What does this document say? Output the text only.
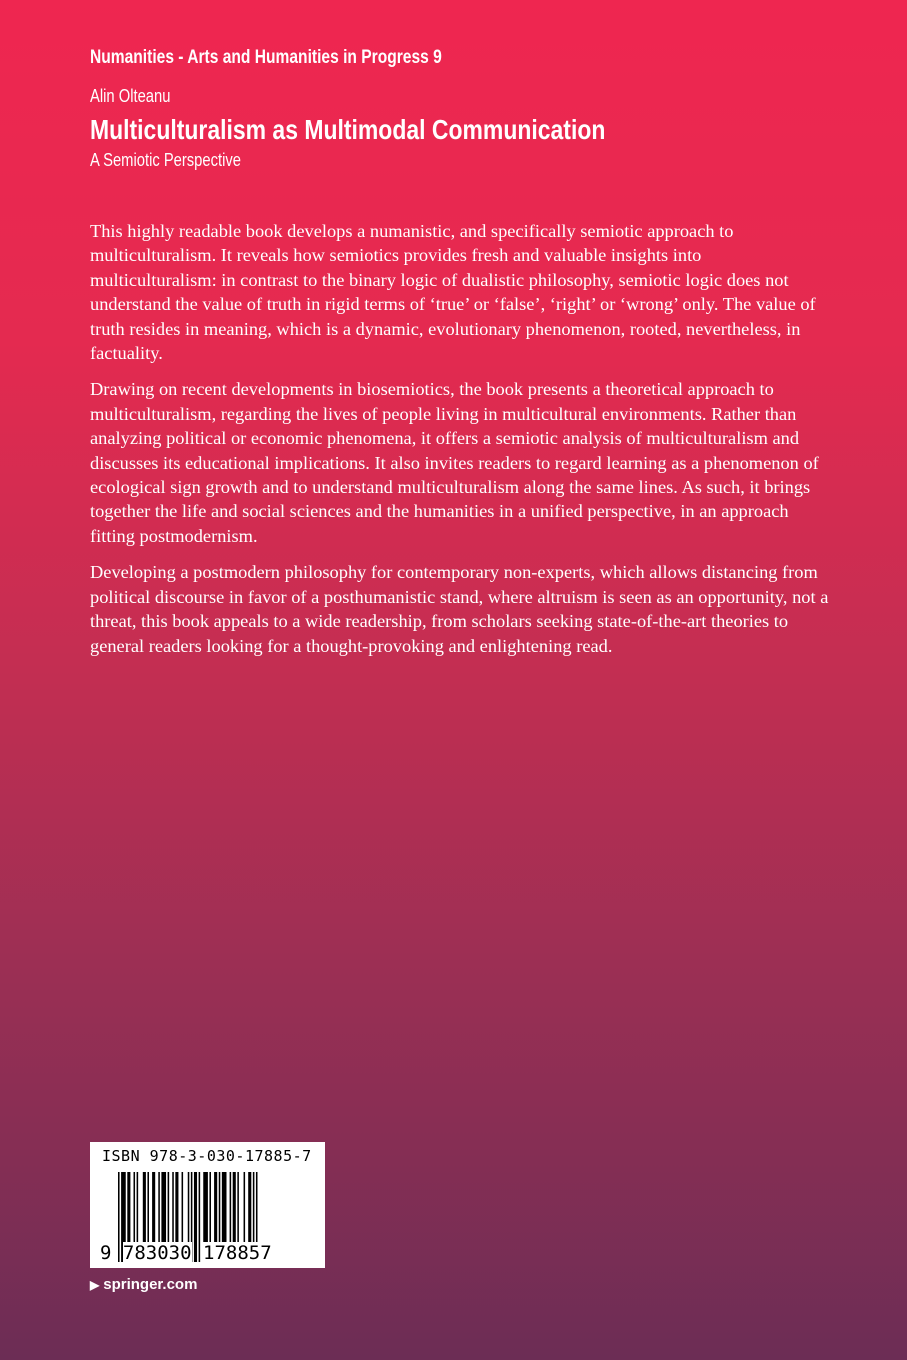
Numanities - Arts and Humanities in Progress 9
Alin Olteanu
Multiculturalism as Multimodal Communication
A Semiotic Perspective

This highly readable book develops a numanistic, and specifically semiotic approach to multiculturalism. It reveals how semiotics provides fresh and valuable insights into multiculturalism: in contrast to the binary logic of dualistic philosophy, semiotic logic does not understand the value of truth in rigid terms of ‘true’ or ‘false’, ‘right’ or ‘wrong’ only. The value of truth resides in meaning, which is a dynamic, evolutionary phenomenon, rooted, nevertheless, in factuality.

Drawing on recent developments in biosemiotics, the book presents a theoretical approach to multiculturalism, regarding the lives of people living in multicultural environments. Rather than analyzing political or economic phenomena, it offers a semiotic analysis of multiculturalism and discusses its educational implications. It also invites readers to regard learning as a phenomenon of ecological sign growth and to understand multiculturalism along the same lines. As such, it brings together the life and social sciences and the humanities in a unified perspective, in an approach fitting postmodernism.

Developing a postmodern philosophy for contemporary non-experts, which allows distancing from political discourse in favor of a posthumanistic stand, where altruism is seen as an opportunity, not a threat, this book appeals to a wide readership, from scholars seeking state-of-the-art theories to general readers looking for a thought-provoking and enlightening read.

ISBN 978-3-030-17885-7
9 783030 178857
▶ springer.com
